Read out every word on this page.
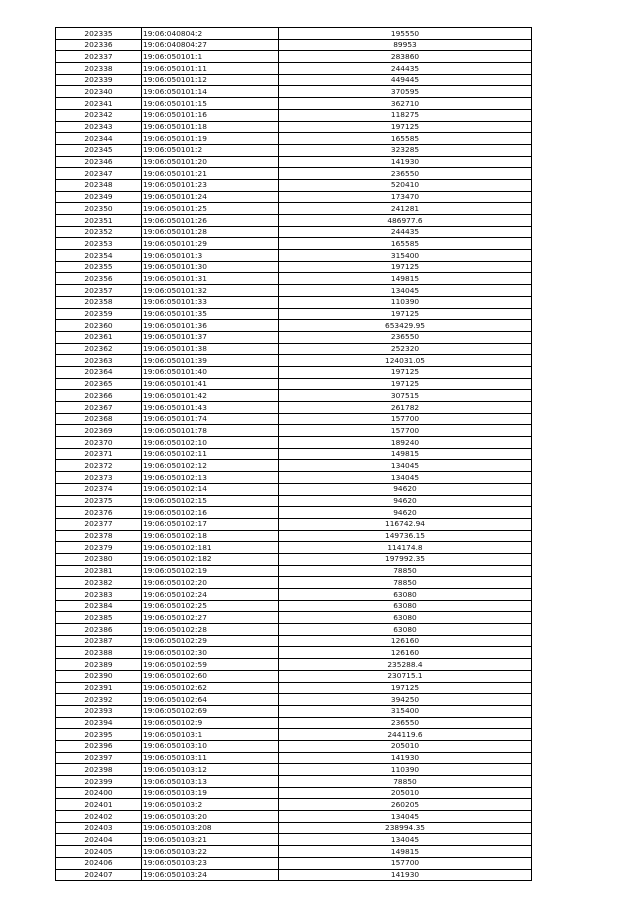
202335	19:06:040804:2	195550
202336	19:06:040804:27	89953
202337	19:06:050101:1	283860
202338	19:06:050101:11	244435
202339	19:06:050101:12	449445
202340	19:06:050101:14	370595
202341	19:06:050101:15	362710
202342	19:06:050101:16	118275
202343	19:06:050101:18	197125
202344	19:06:050101:19	165585
202345	19:06:050101:2	323285
202346	19:06:050101:20	141930
202347	19:06:050101:21	236550
202348	19:06:050101:23	520410
202349	19:06:050101:24	173470
202350	19:06:050101:25	241281
202351	19:06:050101:26	486977.6
202352	19:06:050101:28	244435
202353	19:06:050101:29	165585
202354	19:06:050101:3	315400
202355	19:06:050101:30	197125
202356	19:06:050101:31	149815
202357	19:06:050101:32	134045
202358	19:06:050101:33	110390
202359	19:06:050101:35	197125
202360	19:06:050101:36	653429.95
202361	19:06:050101:37	236550
202362	19:06:050101:38	252320
202363	19:06:050101:39	124031.05
202364	19:06:050101:40	197125
202365	19:06:050101:41	197125
202366	19:06:050101:42	307515
202367	19:06:050101:43	261782
202368	19:06:050101:74	157700
202369	19:06:050101:78	157700
202370	19:06:050102:10	189240
202371	19:06:050102:11	149815
202372	19:06:050102:12	134045
202373	19:06:050102:13	134045
202374	19:06:050102:14	94620
202375	19:06:050102:15	94620
202376	19:06:050102:16	94620
202377	19:06:050102:17	116742.94
202378	19:06:050102:18	149736.15
202379	19:06:050102:181	114174.8
202380	19:06:050102:182	197992.35
202381	19:06:050102:19	78850
202382	19:06:050102:20	78850
202383	19:06:050102:24	63080
202384	19:06:050102:25	63080
202385	19:06:050102:27	63080
202386	19:06:050102:28	63080
202387	19:06:050102:29	126160
202388	19:06:050102:30	126160
202389	19:06:050102:59	235288.4
202390	19:06:050102:60	230715.1
202391	19:06:050102:62	197125
202392	19:06:050102:64	394250
202393	19:06:050102:69	315400
202394	19:06:050102:9	236550
202395	19:06:050103:1	244119.6
202396	19:06:050103:10	205010
202397	19:06:050103:11	141930
202398	19:06:050103:12	110390
202399	19:06:050103:13	78850
202400	19:06:050103:19	205010
202401	19:06:050103:2	260205
202402	19:06:050103:20	134045
202403	19:06:050103:208	238994.35
202404	19:06:050103:21	134045
202405	19:06:050103:22	149815
202406	19:06:050103:23	157700
202407	19:06:050103:24	141930
